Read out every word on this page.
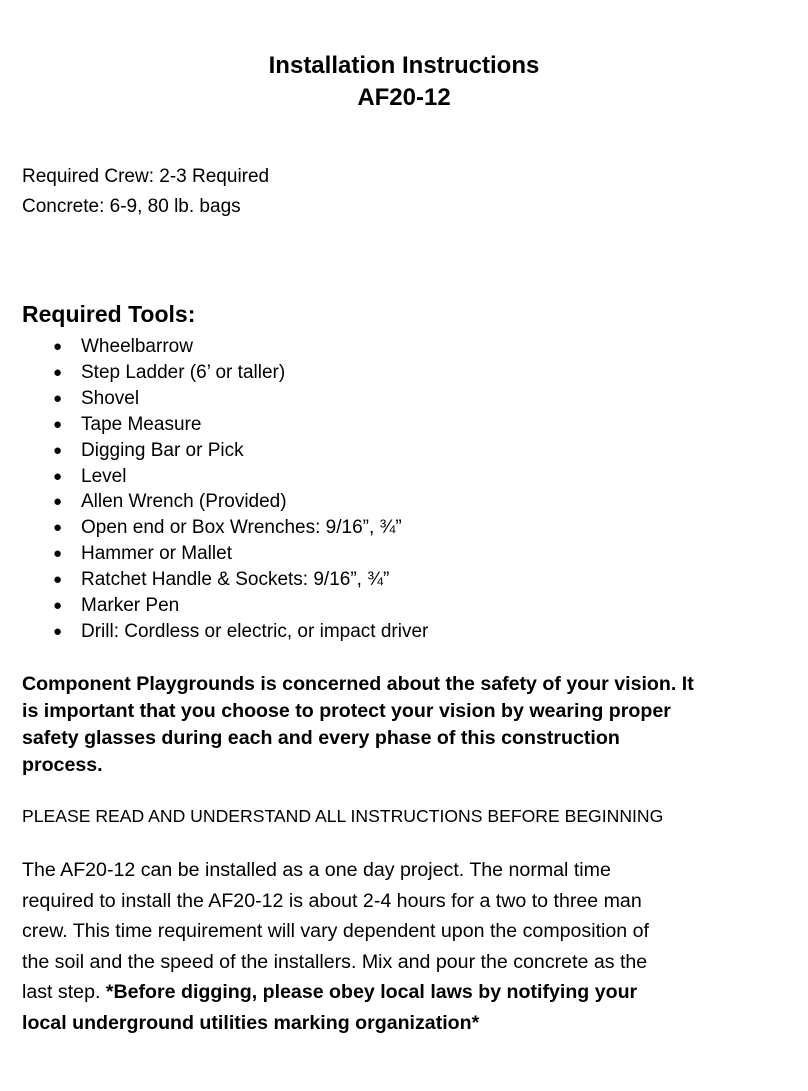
Installation Instructions
AF20-12
Required Crew: 2-3 Required
Concrete: 6-9, 80 lb. bags
Required Tools:
● Wheelbarrow
● Step Ladder (6’ or taller)
● Shovel
● Tape Measure
● Digging Bar or Pick
● Level
● Allen Wrench (Provided)
● Open end or Box Wrenches: 9/16”, ¾”
● Hammer or Mallet
● Ratchet Handle & Sockets: 9/16”, ¾”
● Marker Pen
● Drill: Cordless or electric, or impact driver
Component Playgrounds is concerned about the safety of your vision. It
is important that you choose to protect your vision by wearing proper
safety glasses during each and every phase of this construction
process.
PLEASE READ AND UNDERSTAND ALL INSTRUCTIONS BEFORE BEGINNING
The AF20-12 can be installed as a one day project. The normal time
required to install the AF20-12 is about 2-4 hours for a two to three man
crew. This time requirement will vary dependent upon the composition of
the soil and the speed of the installers. Mix and pour the concrete as the
last step. *Before digging, please obey local laws by notifying your
local underground utilities marking organization*
